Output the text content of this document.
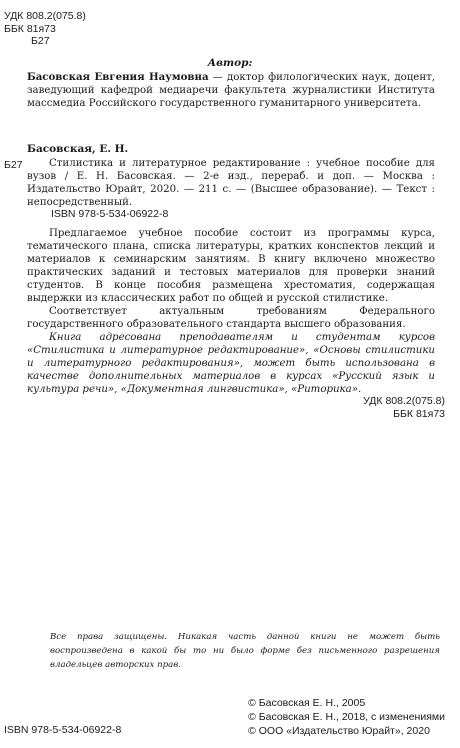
УДК 808.2(075.8)
ББК 81я73
Б27
Автор:
Басовская Евгения Наумовна — доктор филологических наук, доцент, заведующий кафедрой медиаречи факультета журналистики Института массмедиа Российского государственного гуманитарного университета.
Басовская, Е. Н.
Б27	Стилистика и литературное редактирование : учебное пособие для вузов / Е. Н. Басовская. — 2-е изд., перераб. и доп. — Москва : Издательство Юрайт, 2020. — 211 с. — (Высшее образование). — Текст : непосредственный.
ISBN 978-5-534-06922-8

Предлагаемое учебное пособие состоит из программы курса, тематического плана, списка литературы, кратких конспектов лекций и материалов к семинарским занятиям. В книгу включено множество практических заданий и тестовых материалов для проверки знаний студентов. В конце пособия размещена хрестоматия, содержащая выдержки из классических работ по общей и русской стилистике.

Соответствует актуальным требованиям Федерального государственного образовательного стандарта высшего образования.

Книга адресована преподавателям и студентам курсов «Стилистика и литературное редактирование», «Основы стилистики и литературного редактирования», может быть использована в качестве дополнительных материалов в курсах «Русский язык и культура речи», «Документная лингвистика», «Риторика».

УДК 808.2(075.8)
ББК 81я73
Все права защищены. Никакая часть данной книги не может быть воспроизведена в какой бы то ни было форме без письменного разрешения владельцев авторских прав.
© Басовская Е. Н., 2005
© Басовская Е. Н., 2018, с изменениями
© ООО «Издательство Юрайт», 2020
ISBN 978-5-534-06922-8
